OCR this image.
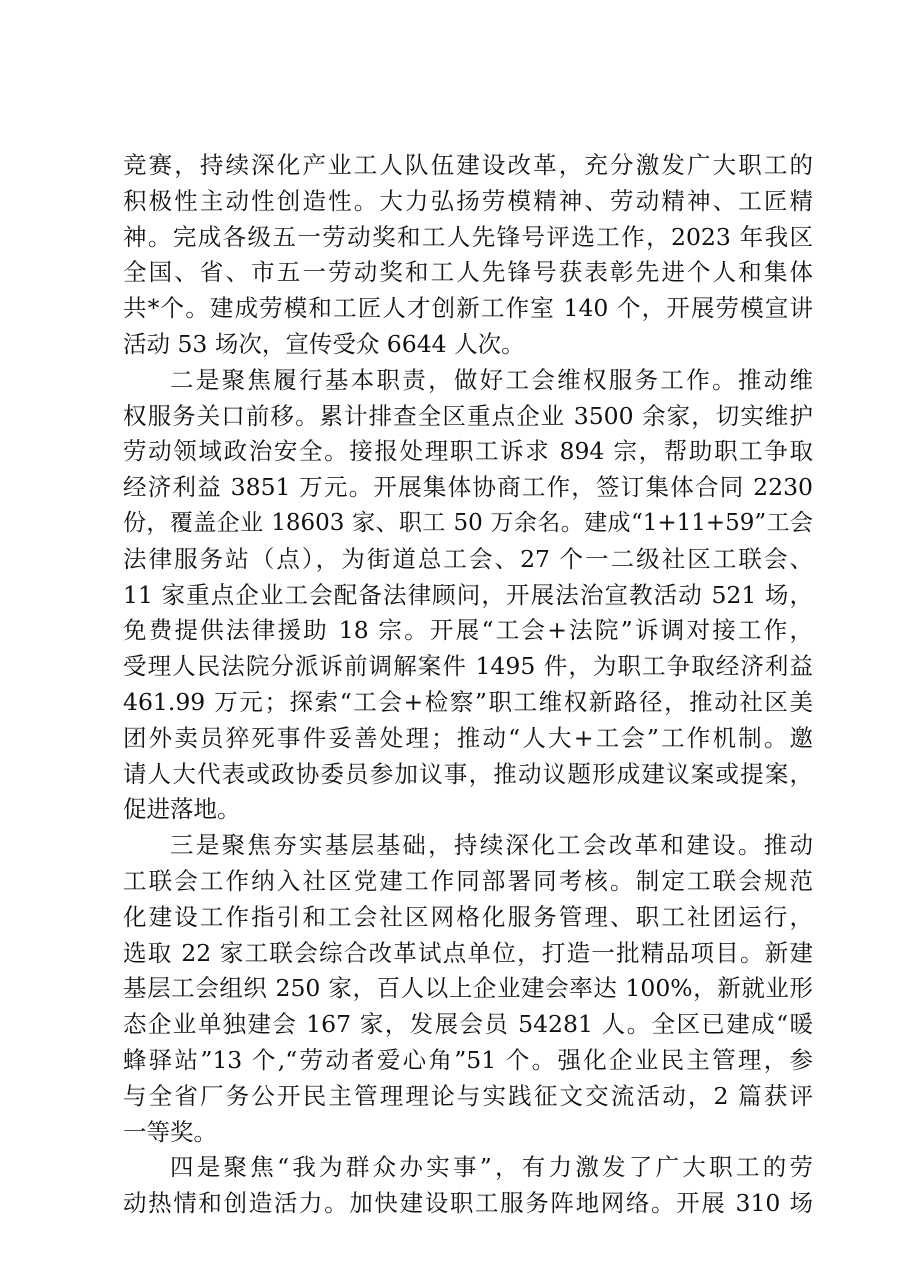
竞赛，持续深化产业工人队伍建设改革，充分激发广大职工的
积极性主动性创造性。大力弘扬劳模精神、劳动精神、工匠精
神。完成各级五一劳动奖和工人先锋号评选工作，2023 年我区
全国、省、市五一劳动奖和工人先锋号获表彰先进个人和集体
共*个。建成劳模和工匠人才创新工作室 140 个，开展劳模宣讲
活动 53 场次，宣传受众 6644 人次。
二是聚焦履行基本职责，做好工会维权服务工作。推动维
权服务关口前移。累计排查全区重点企业 3500 余家，切实维护
劳动领域政治安全。接报处理职工诉求 894 宗，帮助职工争取
经济利益 3851 万元。开展集体协商工作，签订集体合同 2230
份，覆盖企业 18603 家、职工 50 万余名。建成“1+11+59”工会
法律服务站（点），为街道总工会、27 个一二级社区工联会、
11 家重点企业工会配备法律顾问，开展法治宣教活动 521 场，
免费提供法律援助 18 宗。开展“工会+法院”诉调对接工作，
受理人民法院分派诉前调解案件 1495 件，为职工争取经济利益
461.99 万元；探索“工会+检察”职工维权新路径，推动社区美
团外卖员猝死事件妥善处理；推动“人大+工会”工作机制。邀
请人大代表或政协委员参加议事，推动议题形成建议案或提案，
促进落地。
三是聚焦夯实基层基础，持续深化工会改革和建设。推动
工联会工作纳入社区党建工作同部署同考核。制定工联会规范
化建设工作指引和工会社区网格化服务管理、职工社团运行，
选取 22 家工联会综合改革试点单位，打造一批精品项目。新建
基层工会组织 250 家，百人以上企业建会率达 100%，新就业形
态企业单独建会 167 家，发展会员 54281 人。全区已建成“暖
蜂驿站”13 个,“劳动者爱心角”51 个。强化企业民主管理，参
与全省厂务公开民主管理理论与实践征文交流活动，2 篇获评
一等奖。
四是聚焦“我为群众办实事”，有力激发了广大职工的劳
动热情和创造活力。加快建设职工服务阵地网络。开展 310 场
